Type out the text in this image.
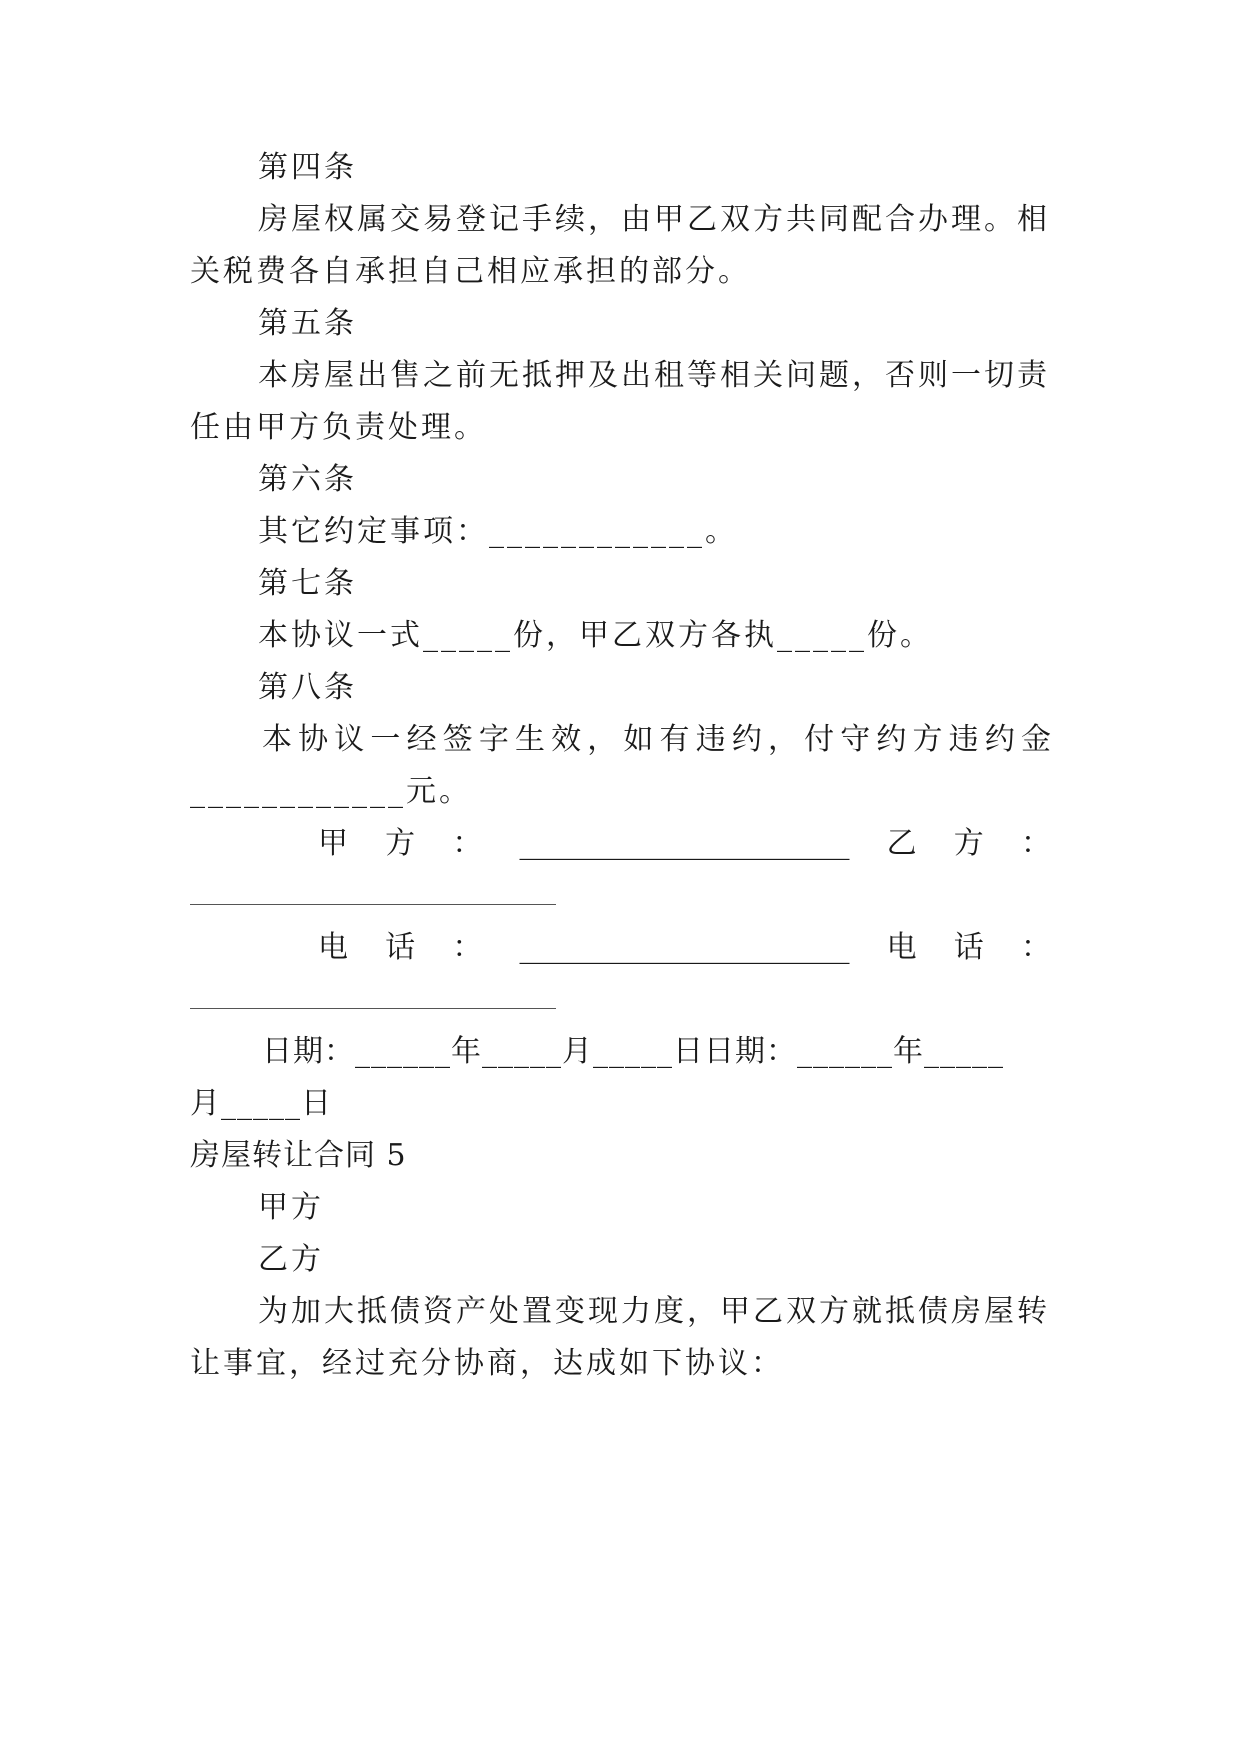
第四条
房屋权属交易登记手续，由甲乙双方共同配合办理。相
关税费各自承担自己相应承担的部分。
第五条
本房屋出售之前无抵押及出租等相关问题，否则一切责
任由甲方负责处理。
第六条
其它约定事项：____________。
第七条
本协议一式_____份，甲乙双方各执_____份。
第八条
本 协 议 一 经 签 字 生 效 ， 如 有 违 约 ， 付 守 约 方 违 约 金
____________元。
甲 方 ： ______________________ 乙 方 ：
电 话 ： ______________________ 电 话 ：
日期：______年_____月_____日日期：______年_____
月_____日
房屋转让合同 5
甲方
乙方
为加大抵债资产处置变现力度，甲乙双方就抵债房屋转
让事宜，经过充分协商，达成如下协议：
